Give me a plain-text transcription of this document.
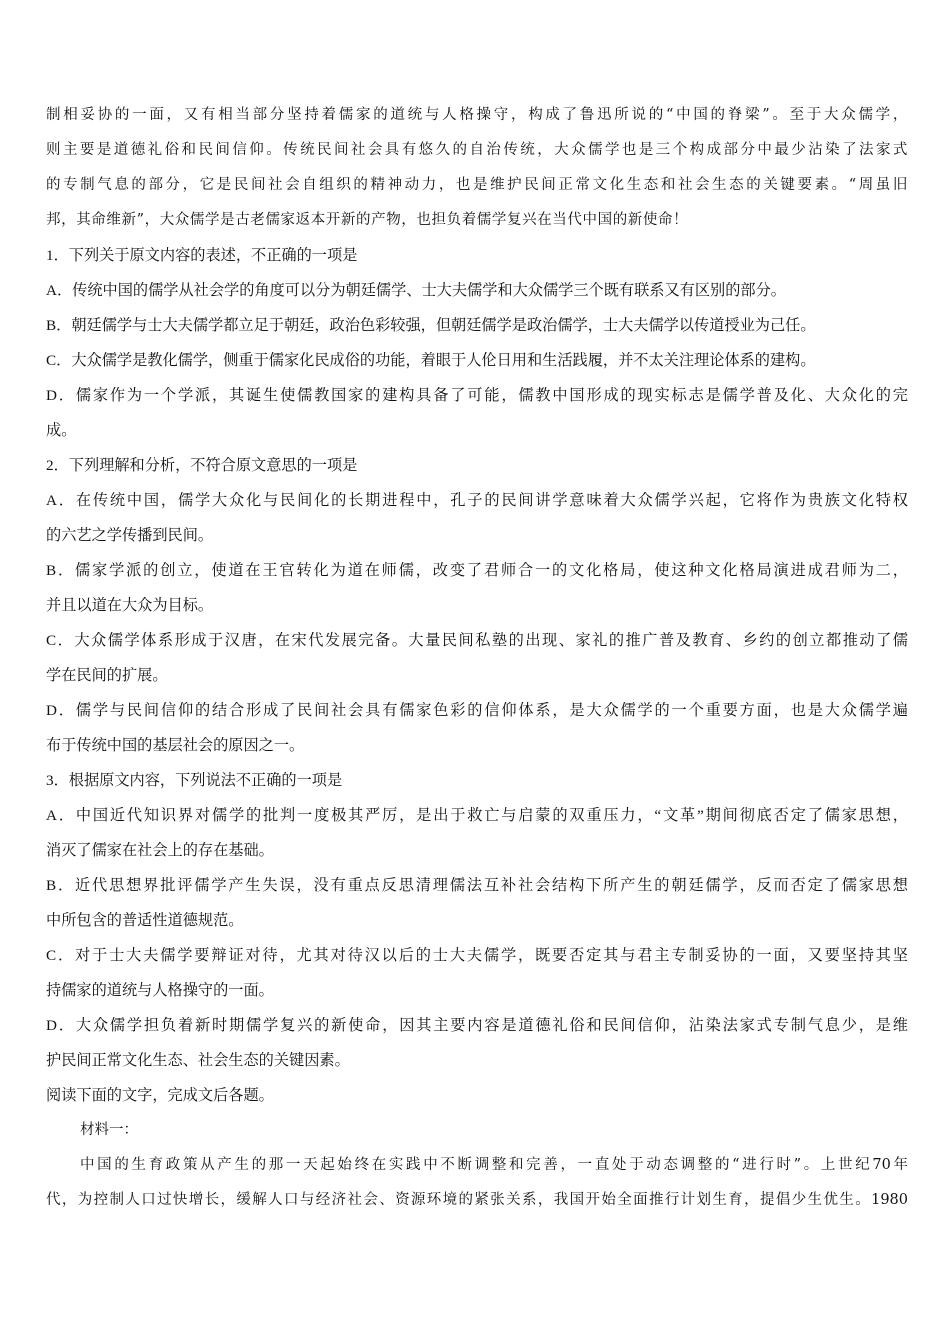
制相妥协的一面，又有相当部分坚持着儒家的道统与人格操守，构成了鲁迅所说的“中国的脊梁”。至于大众儒学，
则主要是道德礼俗和民间信仰。传统民间社会具有悠久的自治传统，大众儒学也是三个构成部分中最少沾染了法家式
的专制气息的部分，它是民间社会自组织的精神动力，也是维护民间正常文化生态和社会生态的关键要素。“周虽旧
邦，其命维新”，大众儒学是古老儒家返本开新的产物，也担负着儒学复兴在当代中国的新使命！
1．下列关于原文内容的表述，不正确的一项是
A．传统中国的儒学从社会学的角度可以分为朝廷儒学、士大夫儒学和大众儒学三个既有联系又有区别的部分。
B．朝廷儒学与士大夫儒学都立足于朝廷，政治色彩较强，但朝廷儒学是政治儒学，士大夫儒学以传道授业为己任。
C．大众儒学是教化儒学，侧重于儒家化民成俗的功能，着眼于人伦日用和生活践履，并不太关注理论体系的建构。
D．儒家作为一个学派，其诞生使儒教国家的建构具备了可能，儒教中国形成的现实标志是儒学普及化、大众化的完
成。
2．下列理解和分析，不符合原文意思的一项是
A．在传统中国，儒学大众化与民间化的长期进程中，孔子的民间讲学意味着大众儒学兴起，它将作为贵族文化特权
的六艺之学传播到民间。
B．儒家学派的创立，使道在王官转化为道在师儒，改变了君师合一的文化格局，使这种文化格局演进成君师为二，
并且以道在大众为目标。
C．大众儒学体系形成于汉唐，在宋代发展完备。大量民间私塾的出现、家礼的推广普及教育、乡约的创立都推动了儒
学在民间的扩展。
D．儒学与民间信仰的结合形成了民间社会具有儒家色彩的信仰体系，是大众儒学的一个重要方面，也是大众儒学遍
布于传统中国的基层社会的原因之一。
3．根据原文内容，下列说法不正确的一项是
A．中国近代知识界对儒学的批判一度极其严厉，是出于救亡与启蒙的双重压力，“文革”期间彻底否定了儒家思想，
消灭了儒家在社会上的存在基础。
B．近代思想界批评儒学产生失误，没有重点反思清理儒法互补社会结构下所产生的朝廷儒学，反而否定了儒家思想
中所包含的普适性道德规范。
C．对于士大夫儒学要辩证对待，尤其对待汉以后的士大夫儒学，既要否定其与君主专制妥协的一面，又要坚持其坚
持儒家的道统与人格操守的一面。
D．大众儒学担负着新时期儒学复兴的新使命，因其主要内容是道德礼俗和民间信仰，沾染法家式专制气息少，是维
护民间正常文化生态、社会生态的关键因素。
阅读下面的文字，完成文后各题。
材料一：
中国的生育政策从产生的那一天起始终在实践中不断调整和完善，一直处于动态调整的“进行时”。上世纪70年
代，为控制人口过快增长，缓解人口与经济社会、资源环境的紧张关系，我国开始全面推行计划生育，提倡少生优生。1980
